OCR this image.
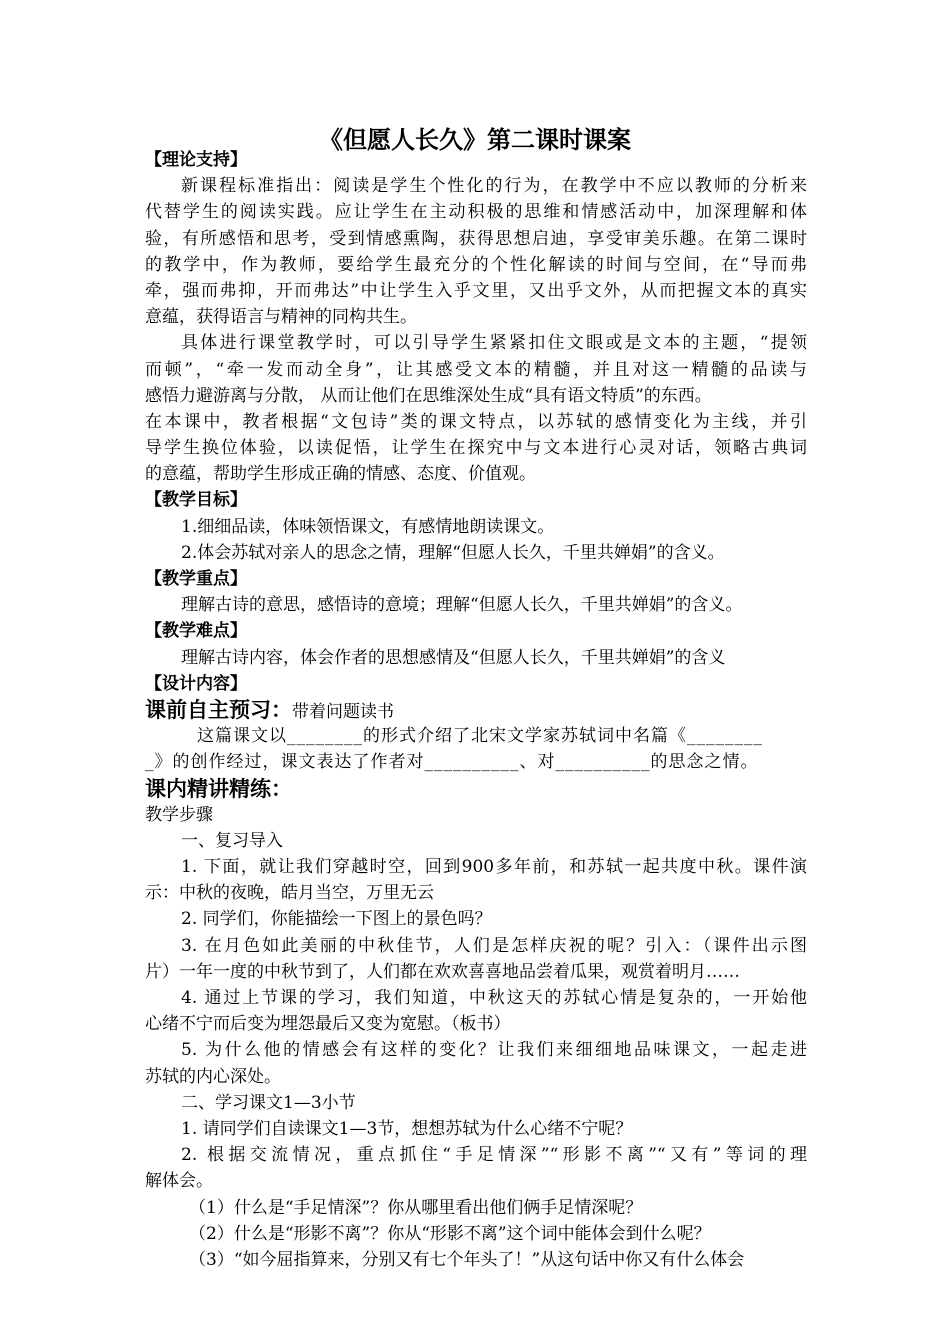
《但愿人长久》第二课时课案
【理论支持】
新课程标准指出：阅读是学生个性化的行为，在教学中不应以教师的分析来
代替学生的阅读实践。应让学生在主动积极的思维和情感活动中，加深理解和体
验，有所感悟和思考，受到情感熏陶，获得思想启迪，享受审美乐趣。在第二课时
的教学中，作为教师，要给学生最充分的个性化解读的时间与空间，在“导而弗
牵，强而弗抑，开而弗达”中让学生入乎文里，又出乎文外，从而把握文本的真实
意蕴，获得语言与精神的同构共生。
具体进行课堂教学时，可以引导学生紧紧扣住文眼或是文本的主题，“提领
而顿”，“牵一发而动全身”，让其感受文本的精髓，并且对这一精髓的品读与
感悟力避游离与分散， 从而让他们在思维深处生成“具有语文特质”的东西。
在本课中，教者根据“文包诗”类的课文特点，以苏轼的感情变化为主线，并引
导学生换位体验，以读促悟，让学生在探究中与文本进行心灵对话，领略古典词
的意蕴，帮助学生形成正确的情感、态度、价值观。
【教学目标】
1.细细品读，体味领悟课文，有感情地朗读课文。
2.体会苏轼对亲人的思念之情，理解“但愿人长久，千里共婵娟”的含义。
【教学重点】
理解古诗的意思，感悟诗的意境；理解“但愿人长久，千里共婵娟”的含义。
【教学难点】
理解古诗内容，体会作者的思想感情及“但愿人长久，千里共婵娟”的含义
【设计内容】
课前自主预习：带着问题读书
这篇课文以________的形式介绍了北宋文学家苏轼词中名篇《________
_》的创作经过，课文表达了作者对__________、对__________的思念之情。
课内精讲精练：
教学步骤
一、复习导入
1. 下面，就让我们穿越时空，回到900多年前，和苏轼一起共度中秋。课件演
示：中秋的夜晚，皓月当空，万里无云
2. 同学们，你能描绘一下图上的景色吗？
3. 在月色如此美丽的中秋佳节，人们是怎样庆祝的呢？引入：（课件出示图
片）一年一度的中秋节到了，人们都在欢欢喜喜地品尝着瓜果，观赏着明月……
4. 通过上节课的学习，我们知道，中秋这天的苏轼心情是复杂的，一开始他
心绪不宁而后变为埋怨最后又变为宽慰。（板书）
5. 为什么他的情感会有这样的变化？让我们来细细地品味课文，一起走进
苏轼的内心深处。
二、学习课文1—3小节
1. 请同学们自读课文1—3节，想想苏轼为什么心绪不宁呢？
2. 根据交流情况，重点抓住“手足情深”“形影不离”“又有”等词的理
解体会。
（1）什么是“手足情深”？你从哪里看出他们俩手足情深呢？
（2）什么是“形影不离”？你从“形影不离”这个词中能体会到什么呢？
（3）“如今屈指算来，分别又有七个年头了！”从这句话中你又有什么体会
